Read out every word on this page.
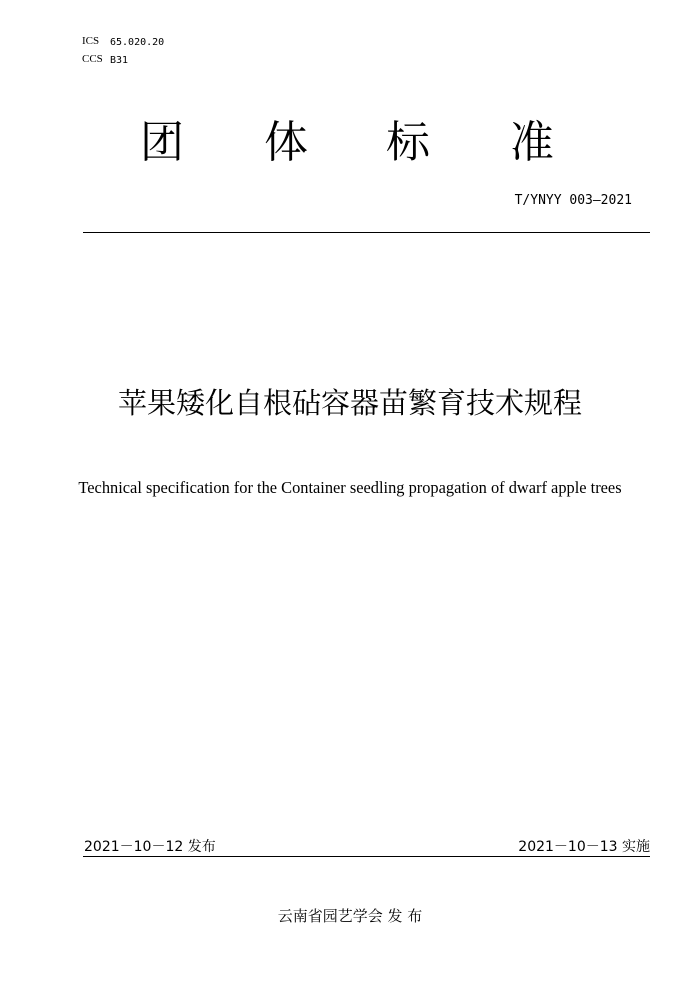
ICS 65.020.20
CCS B31
团 体 标 准
T/YNYY 003—2021
苹果矮化自根砧容器苗繁育技术规程
Technical specification for the Container seedling propagation of dwarf apple trees
2021－10－12 发布	2021－10－13 实施
云南省园艺学会 发 布
